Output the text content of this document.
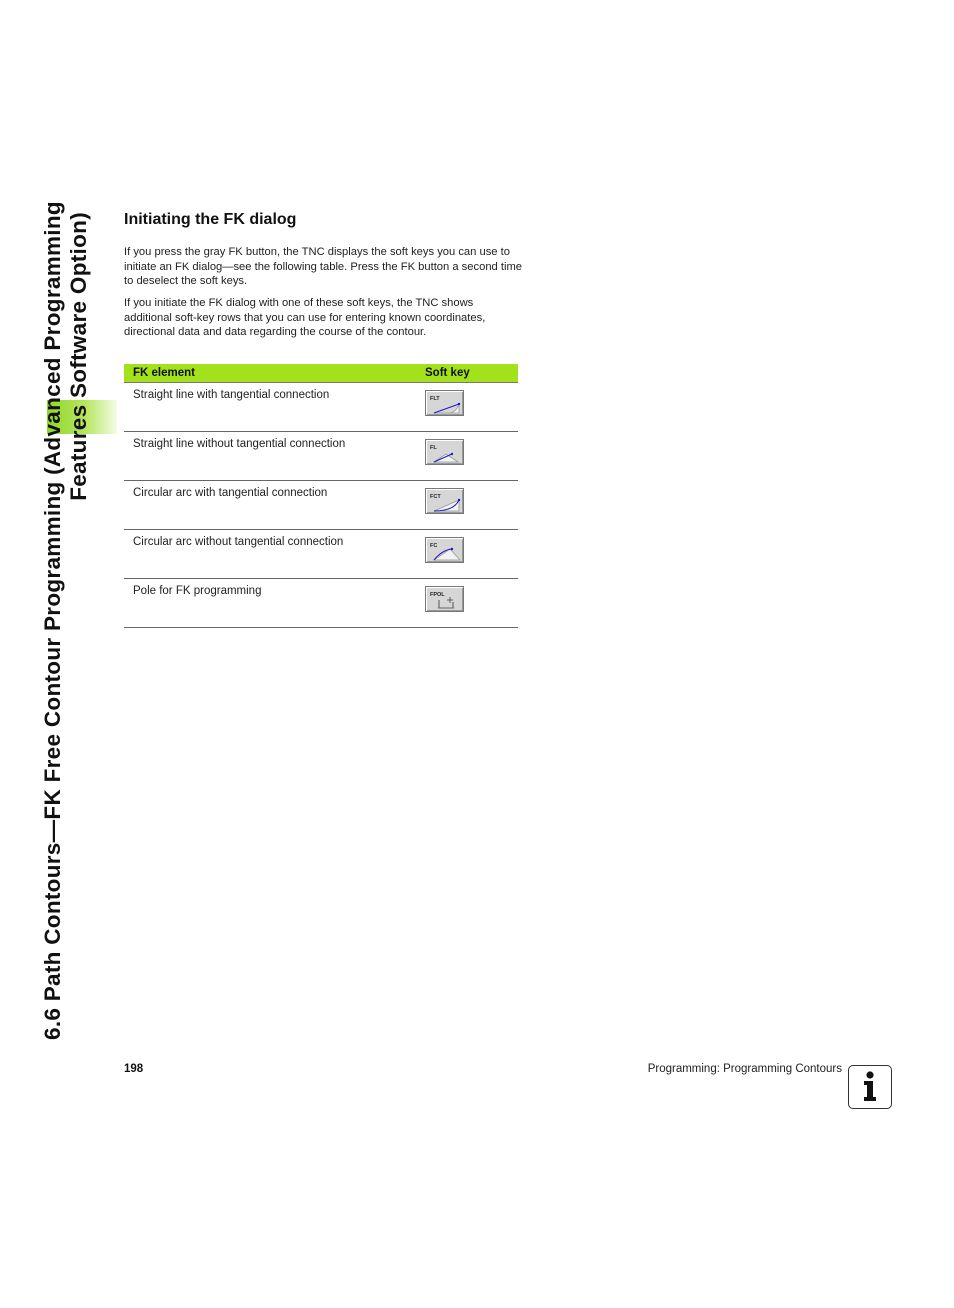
6.6 Path Contours—FK Free Contour Programming (Advanced Programming Features Software Option) Initiating the FK dialog

If you press the gray FK button, the TNC displays the soft keys you can use to initiate an FK dialog—see the following table. Press the FK button a second time to deselect the soft keys.

If you initiate the FK dialog with one of these soft keys, the TNC shows additional soft-key rows that you can use for entering known coordinates, directional data and data regarding the course of the contour.

FK element	Soft key
Straight line with tangential connection	FLT

Straight line without tangential connection	FL

Circular arc with tangential connection	FCT

Circular arc without tangential connection	FC

Pole for FK programming	FPOL
198	Programming: Programming Contours
